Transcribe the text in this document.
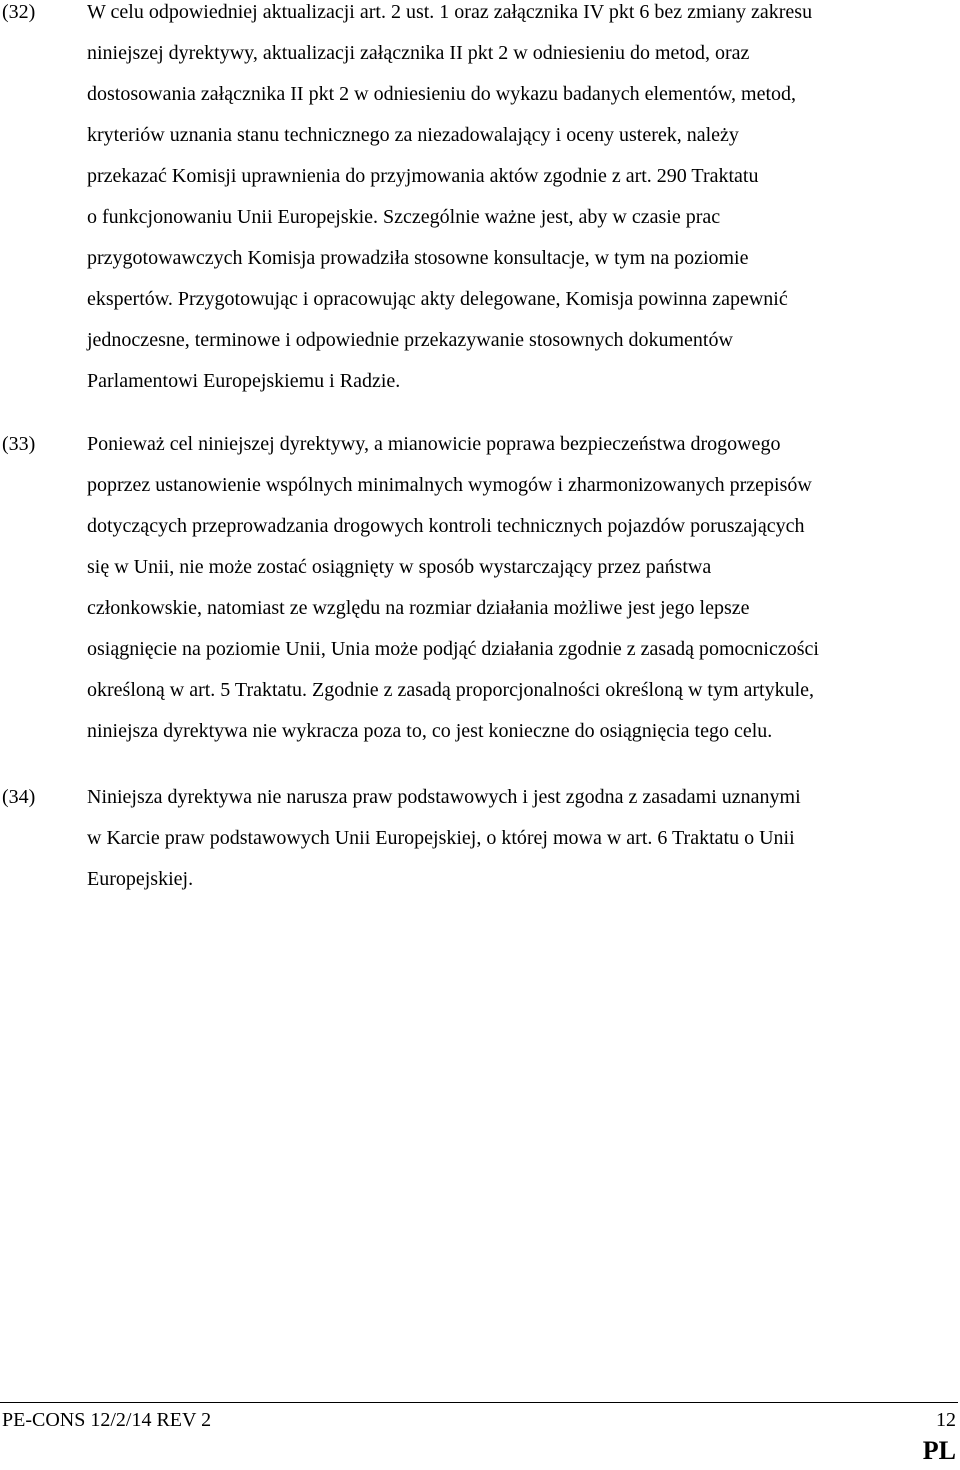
(32)	W celu odpowiedniej aktualizacji art. 2 ust. 1 oraz załącznika IV pkt 6 bez zmiany zakresu
niniejszej dyrektywy, aktualizacji załącznika II pkt 2 w odniesieniu do metod, oraz
dostosowania załącznika II pkt 2 w odniesieniu do wykazu badanych elementów, metod,
kryteriów uznania stanu technicznego za niezadowalający i oceny usterek, należy
przekazać Komisji uprawnienia do przyjmowania aktów zgodnie z art. 290 Traktatu
o funkcjonowaniu Unii Europejskie. Szczególnie ważne jest, aby w czasie prac
przygotowawczych Komisja prowadziła stosowne konsultacje, w tym na poziomie
ekspertów. Przygotowując i opracowując akty delegowane, Komisja powinna zapewnić
jednoczesne, terminowe i odpowiednie przekazywanie stosownych dokumentów
Parlamentowi Europejskiemu i Radzie.
(33)	Ponieważ cel niniejszej dyrektywy, a mianowicie poprawa bezpieczeństwa drogowego
poprzez ustanowienie wspólnych minimalnych wymogów i zharmonizowanych przepisów
dotyczących przeprowadzania drogowych kontroli technicznych pojazdów poruszających
się w Unii, nie może zostać osiągnięty w sposób wystarczający przez państwa
członkowskie, natomiast ze względu na rozmiar działania możliwe jest jego lepsze
osiągnięcie na poziomie Unii, Unia może podjąć działania zgodnie z zasadą pomocniczości
określoną w art. 5 Traktatu. Zgodnie z zasadą proporcjonalności określoną w tym artykule,
niniejsza dyrektywa nie wykracza poza to, co jest konieczne do osiągnięcia tego celu.
(34)	Niniejsza dyrektywa nie narusza praw podstawowych i jest zgodna z zasadami uznanymi
w Karcie praw podstawowych Unii Europejskiej, o której mowa w art. 6 Traktatu o Unii
Europejskiej.
PE-CONS 12/2/14 REV 2	12
PL
